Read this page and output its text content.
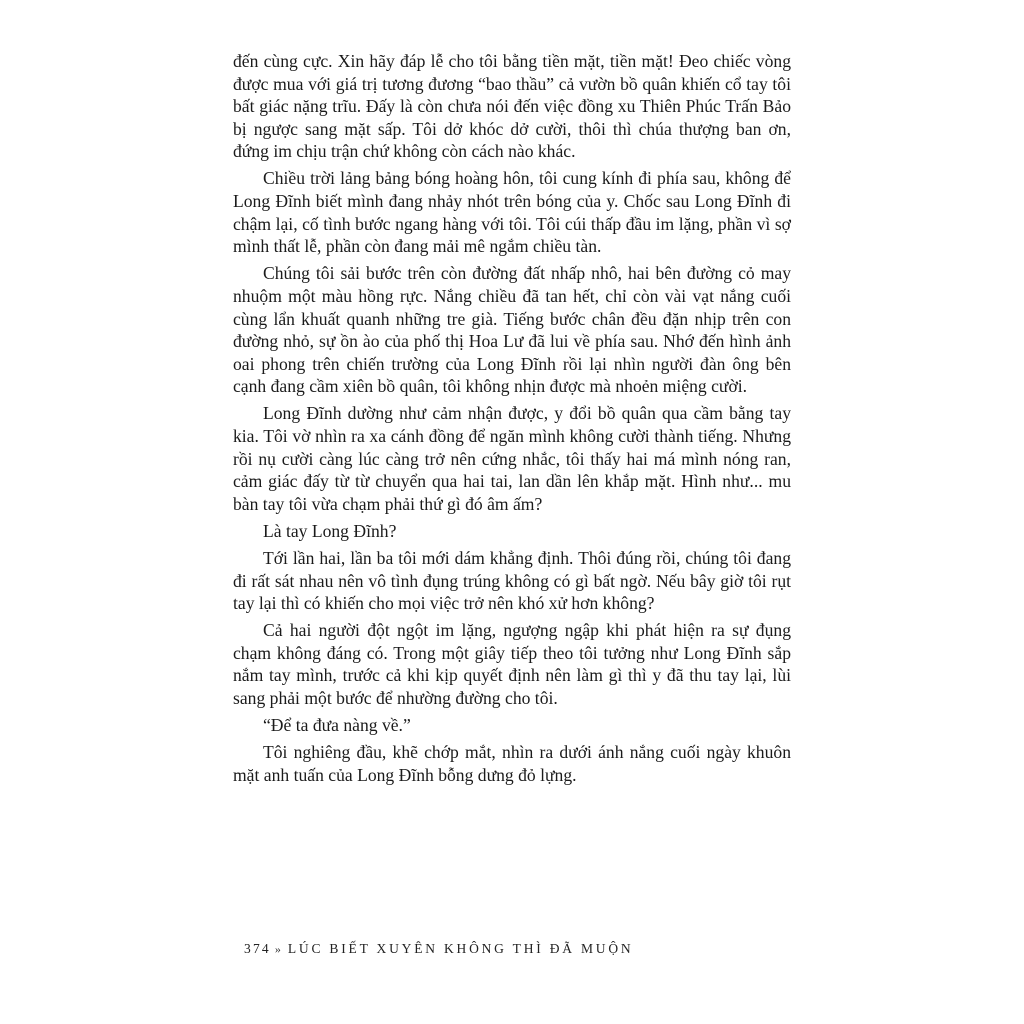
đến cùng cực. Xin hãy đáp lễ cho tôi bằng tiền mặt, tiền mặt! Đeo chiếc vòng được mua với giá trị tương đương “bao thầu” cả vườn bồ quân khiến cổ tay tôi bất giác nặng trĩu. Đấy là còn chưa nói đến việc đồng xu Thiên Phúc Trấn Bảo bị ngược sang mặt sấp. Tôi dở khóc dở cười, thôi thì chúa thượng ban ơn, đứng im chịu trận chứ không còn cách nào khác.

Chiều trời lảng bảng bóng hoàng hôn, tôi cung kính đi phía sau, không để Long Đĩnh biết mình đang nhảy nhót trên bóng của y. Chốc sau Long Đĩnh đi chậm lại, cố tình bước ngang hàng với tôi. Tôi cúi thấp đầu im lặng, phần vì sợ mình thất lễ, phần còn đang mải mê ngắm chiều tàn.

Chúng tôi sải bước trên còn đường đất nhấp nhô, hai bên đường cỏ may nhuộm một màu hồng rực. Nắng chiều đã tan hết, chỉ còn vài vạt nắng cuối cùng lẩn khuất quanh những tre già. Tiếng bước chân đều đặn nhịp trên con đường nhỏ, sự ồn ào của phố thị Hoa Lư đã lui về phía sau. Nhớ đến hình ảnh oai phong trên chiến trường của Long Đĩnh rồi lại nhìn người đàn ông bên cạnh đang cầm xiên bồ quân, tôi không nhịn được mà nhoẻn miệng cười.

Long Đĩnh dường như cảm nhận được, y đổi bồ quân qua cầm bằng tay kia. Tôi vờ nhìn ra xa cánh đồng để ngăn mình không cười thành tiếng. Nhưng rồi nụ cười càng lúc càng trở nên cứng nhắc, tôi thấy hai má mình nóng ran, cảm giác đấy từ từ chuyển qua hai tai, lan dần lên khắp mặt. Hình như... mu bàn tay tôi vừa chạm phải thứ gì đó âm ấm?

Là tay Long Đĩnh?

Tới lần hai, lần ba tôi mới dám khẳng định. Thôi đúng rồi, chúng tôi đang đi rất sát nhau nên vô tình đụng trúng không có gì bất ngờ. Nếu bây giờ tôi rụt tay lại thì có khiến cho mọi việc trở nên khó xử hơn không?

Cả hai người đột ngột im lặng, ngượng ngập khi phát hiện ra sự đụng chạm không đáng có. Trong một giây tiếp theo tôi tưởng như Long Đĩnh sắp nắm tay mình, trước cả khi kịp quyết định nên làm gì thì y đã thu tay lại, lùi sang phải một bước để nhường đường cho tôi.

“Để ta đưa nàng về.”

Tôi nghiêng đầu, khẽ chớp mắt, nhìn ra dưới ánh nắng cuối ngày khuôn mặt anh tuấn của Long Đĩnh bỗng dưng đỏ lựng.

374 » LÚC BIẾT XUYÊN KHÔNG THÌ ĐÃ MUỘN
